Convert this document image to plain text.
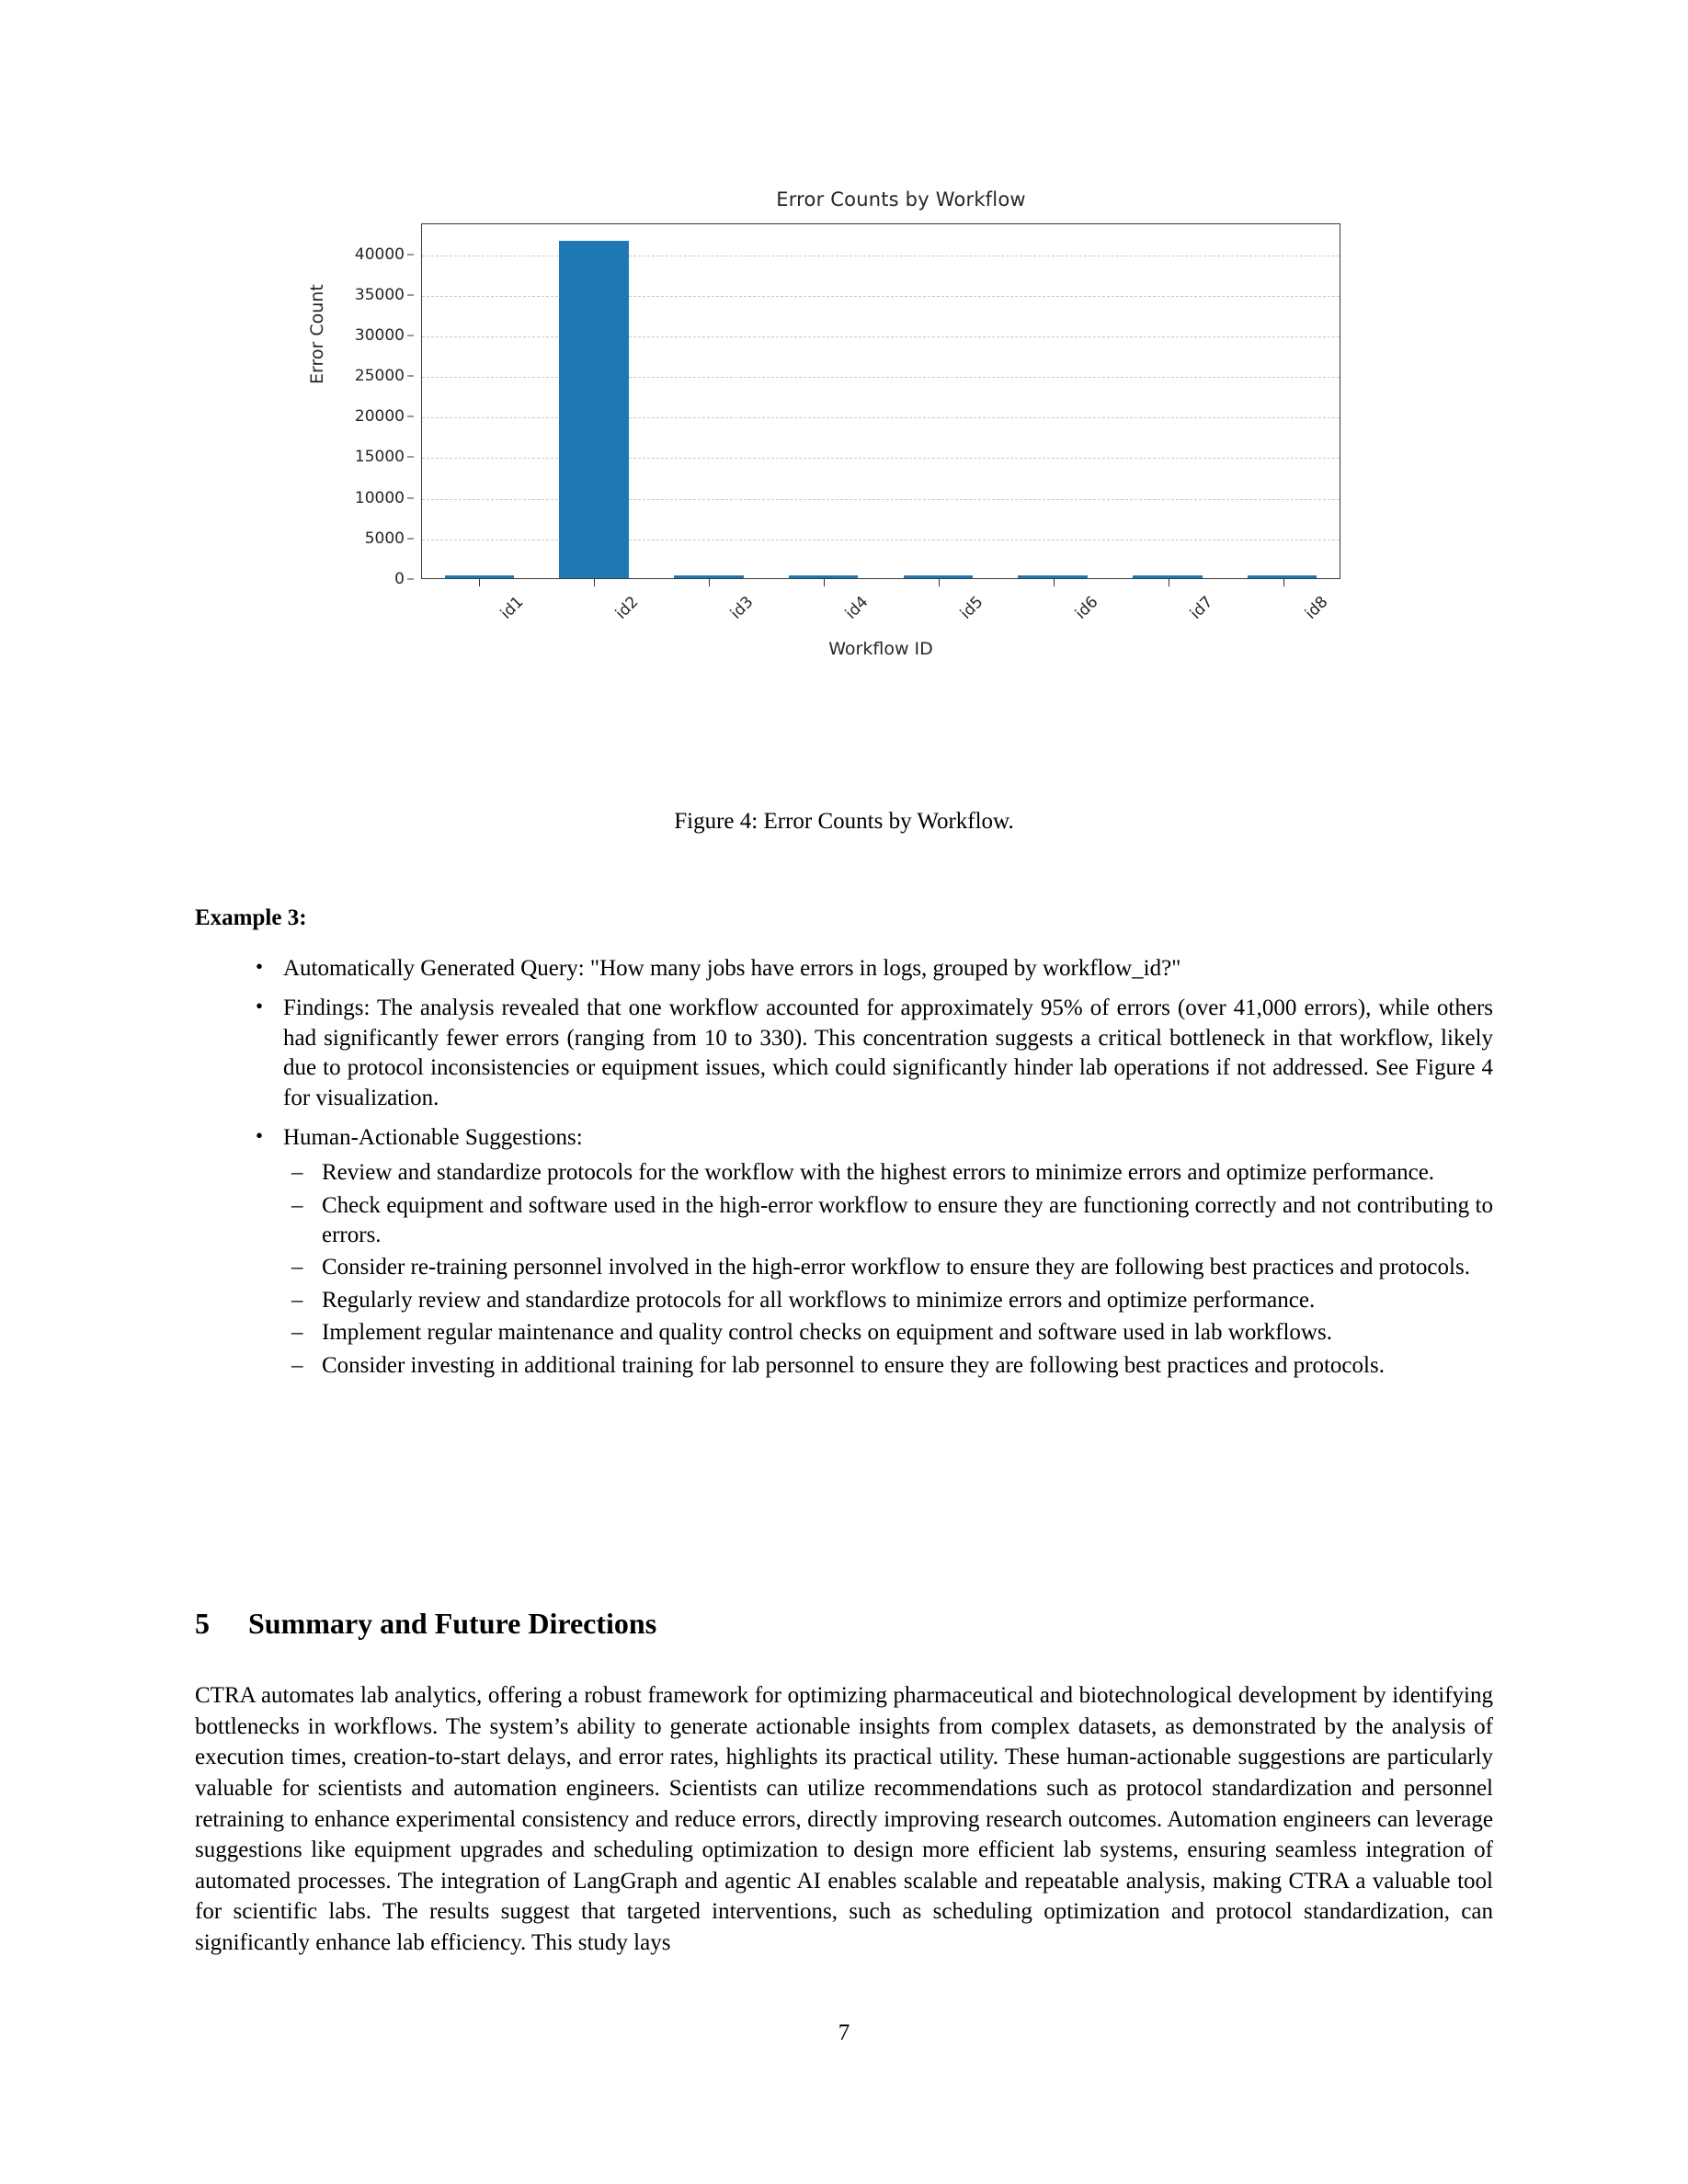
Error Counts by Workflow
Error Count
0
5000
10000
15000
20000
25000
30000
35000
40000
id1	id2	id3	id4	id5	id6	id7	id8
Workflow ID
Figure 4: Error Counts by Workflow.
Example 3:
• Automatically Generated Query: "How many jobs have errors in logs, grouped by workflow_id?"
• Findings: The analysis revealed that one workflow accounted for approximately 95% of errors (over 41,000 errors), while others had significantly fewer errors (ranging from 10 to 330). This concentration suggests a critical bottleneck in that workflow, likely due to protocol inconsistencies or equipment issues, which could significantly hinder lab operations if not addressed. See Figure 4 for visualization.
• Human-Actionable Suggestions:
– Review and standardize protocols for the workflow with the highest errors to minimize errors and optimize performance.
– Check equipment and software used in the high-error workflow to ensure they are functioning correctly and not contributing to errors.
– Consider re-training personnel involved in the high-error workflow to ensure they are following best practices and protocols.
– Regularly review and standardize protocols for all workflows to minimize errors and optimize performance.
– Implement regular maintenance and quality control checks on equipment and software used in lab workflows.
– Consider investing in additional training for lab personnel to ensure they are following best practices and protocols.
5 Summary and Future Directions
CTRA automates lab analytics, offering a robust framework for optimizing pharmaceutical and biotechnological development by identifying bottlenecks in workflows. The system’s ability to generate actionable insights from complex datasets, as demonstrated by the analysis of execution times, creation-to-start delays, and error rates, highlights its practical utility. These human-actionable suggestions are particularly valuable for scientists and automation engineers. Scientists can utilize recommendations such as protocol standardization and personnel retraining to enhance experimental consistency and reduce errors, directly improving research outcomes. Automation engineers can leverage suggestions like equipment upgrades and scheduling optimization to design more efficient lab systems, ensuring seamless integration of automated processes. The integration of LangGraph and agentic AI enables scalable and repeatable analysis, making CTRA a valuable tool for scientific labs. The results suggest that targeted interventions, such as scheduling optimization and protocol standardization, can significantly enhance lab efficiency. This study lays
7
